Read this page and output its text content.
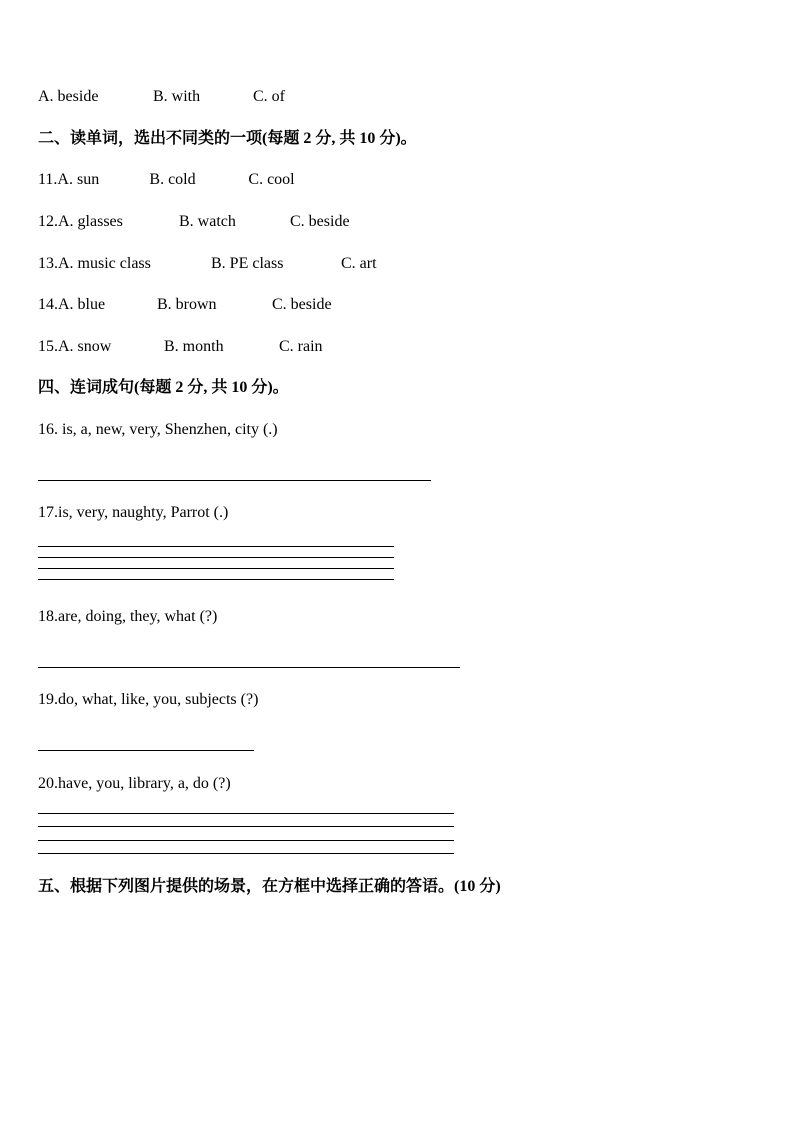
A. beside	B. with	C. of
二、读单词，选出不同类的一项(每题 2 分, 共 10 分)。
11.A. sun	B. cold	C. cool
12.A. glasses	B. watch	C. beside
13.A. music class	B. PE class	C. art
14.A. blue	B. brown	C. beside
15.A. snow	B. month	C. rain
四、连词成句(每题 2 分, 共 10 分)。
16. is, a, new, very, Shenzhen, city (.)
17.is, very, naughty, Parrot (.)
18.are, doing, they, what (?)
19.do, what, like, you, subjects (?)
20.have, you, library, a, do (?)
五、根据下列图片提供的场景，在方框中选择正确的答语。(10 分)
